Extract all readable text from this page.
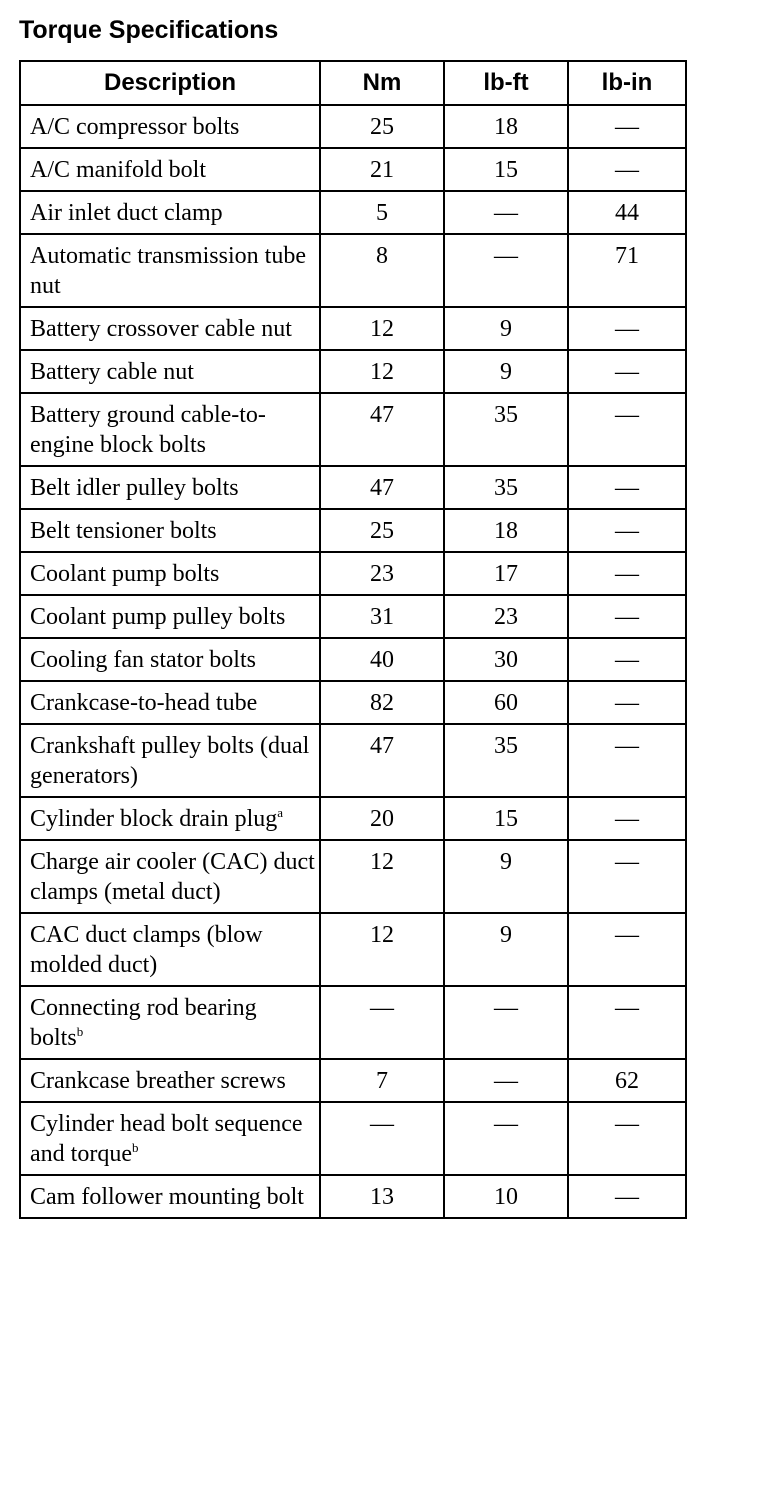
Torque Specifications
Description	Nm	lb-ft	lb-in
A/C compressor bolts	25	18	—
A/C manifold bolt	21	15	—
Air inlet duct clamp	5	—	44
Automatic transmission tube nut	8	—	71
Battery crossover cable nut	12	9	—
Battery cable nut	12	9	—
Battery ground cable-to-engine block bolts	47	35	—
Belt idler pulley bolts	47	35	—
Belt tensioner bolts	25	18	—
Coolant pump bolts	23	17	—
Coolant pump pulley bolts	31	23	—
Cooling fan stator bolts	40	30	—
Crankcase-to-head tube	82	60	—
Crankshaft pulley bolts (dual generators)	47	35	—
Cylinder block drain plug$^a$	20	15	—
Charge air cooler (CAC) duct clamps (metal duct)	12	9	—
CAC duct clamps (blow molded duct)	12	9	—
Connecting rod bearing bolts$^b$	—	—	—
Crankcase breather screws	7	—	62
Cylinder head bolt sequence and torque$^b$	—	—	—
Cam follower mounting bolt	13	10	—
